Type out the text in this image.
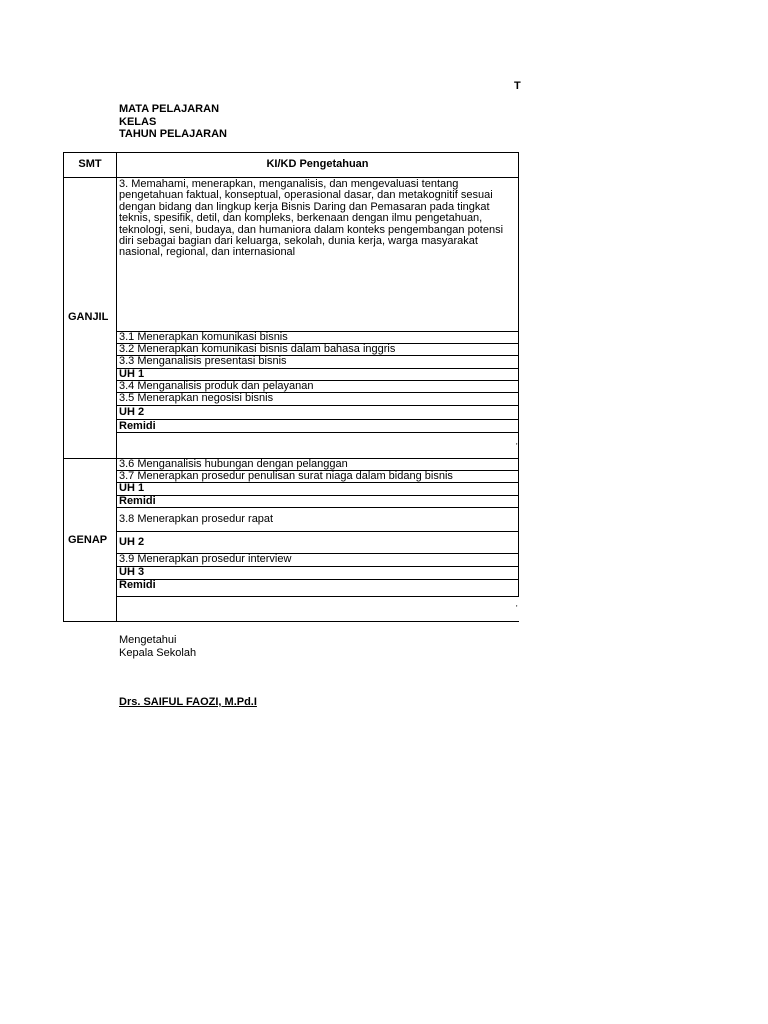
T
MATA PELAJARAN
KELAS
TAHUN PELAJARAN
SMT	KI/KD Pengetahuan
3. Memahami, menerapkan, menganalisis, dan mengevaluasi tentang pengetahuan faktual, konseptual, operasional dasar, dan metakognitif sesuai dengan bidang dan lingkup kerja Bisnis Daring dan Pemasaran pada tingkat teknis, spesifik, detil, dan kompleks, berkenaan dengan ilmu pengetahuan, teknologi, seni, budaya, dan humaniora dalam konteks pengembangan potensi diri sebagai bagian dari keluarga, sekolah, dunia kerja, warga masyarakat nasional, regional, dan internasional
GANJIL
GENAP
3.1 Menerapkan komunikasi bisnis
3.2 Menerapkan komunikasi bisnis dalam bahasa inggris
3.3 Menganalisis presentasi bisnis
UH 1
3.4 Menganalisis produk dan pelayanan
3.5 Menerapkan negosisi bisnis
UH 2
Remidi
3.6 Menganalisis hubungan dengan pelanggan
3.7 Menerapkan prosedur penulisan surat niaga dalam bidang bisnis
UH 1
Remidi
3.8 Menerapkan prosedur rapat
UH 2
3.9 Menerapkan prosedur interview
UH 3
Remidi
'
'
Mengetahui
Kepala Sekolah
Drs. SAIFUL FAOZI, M.Pd.I
